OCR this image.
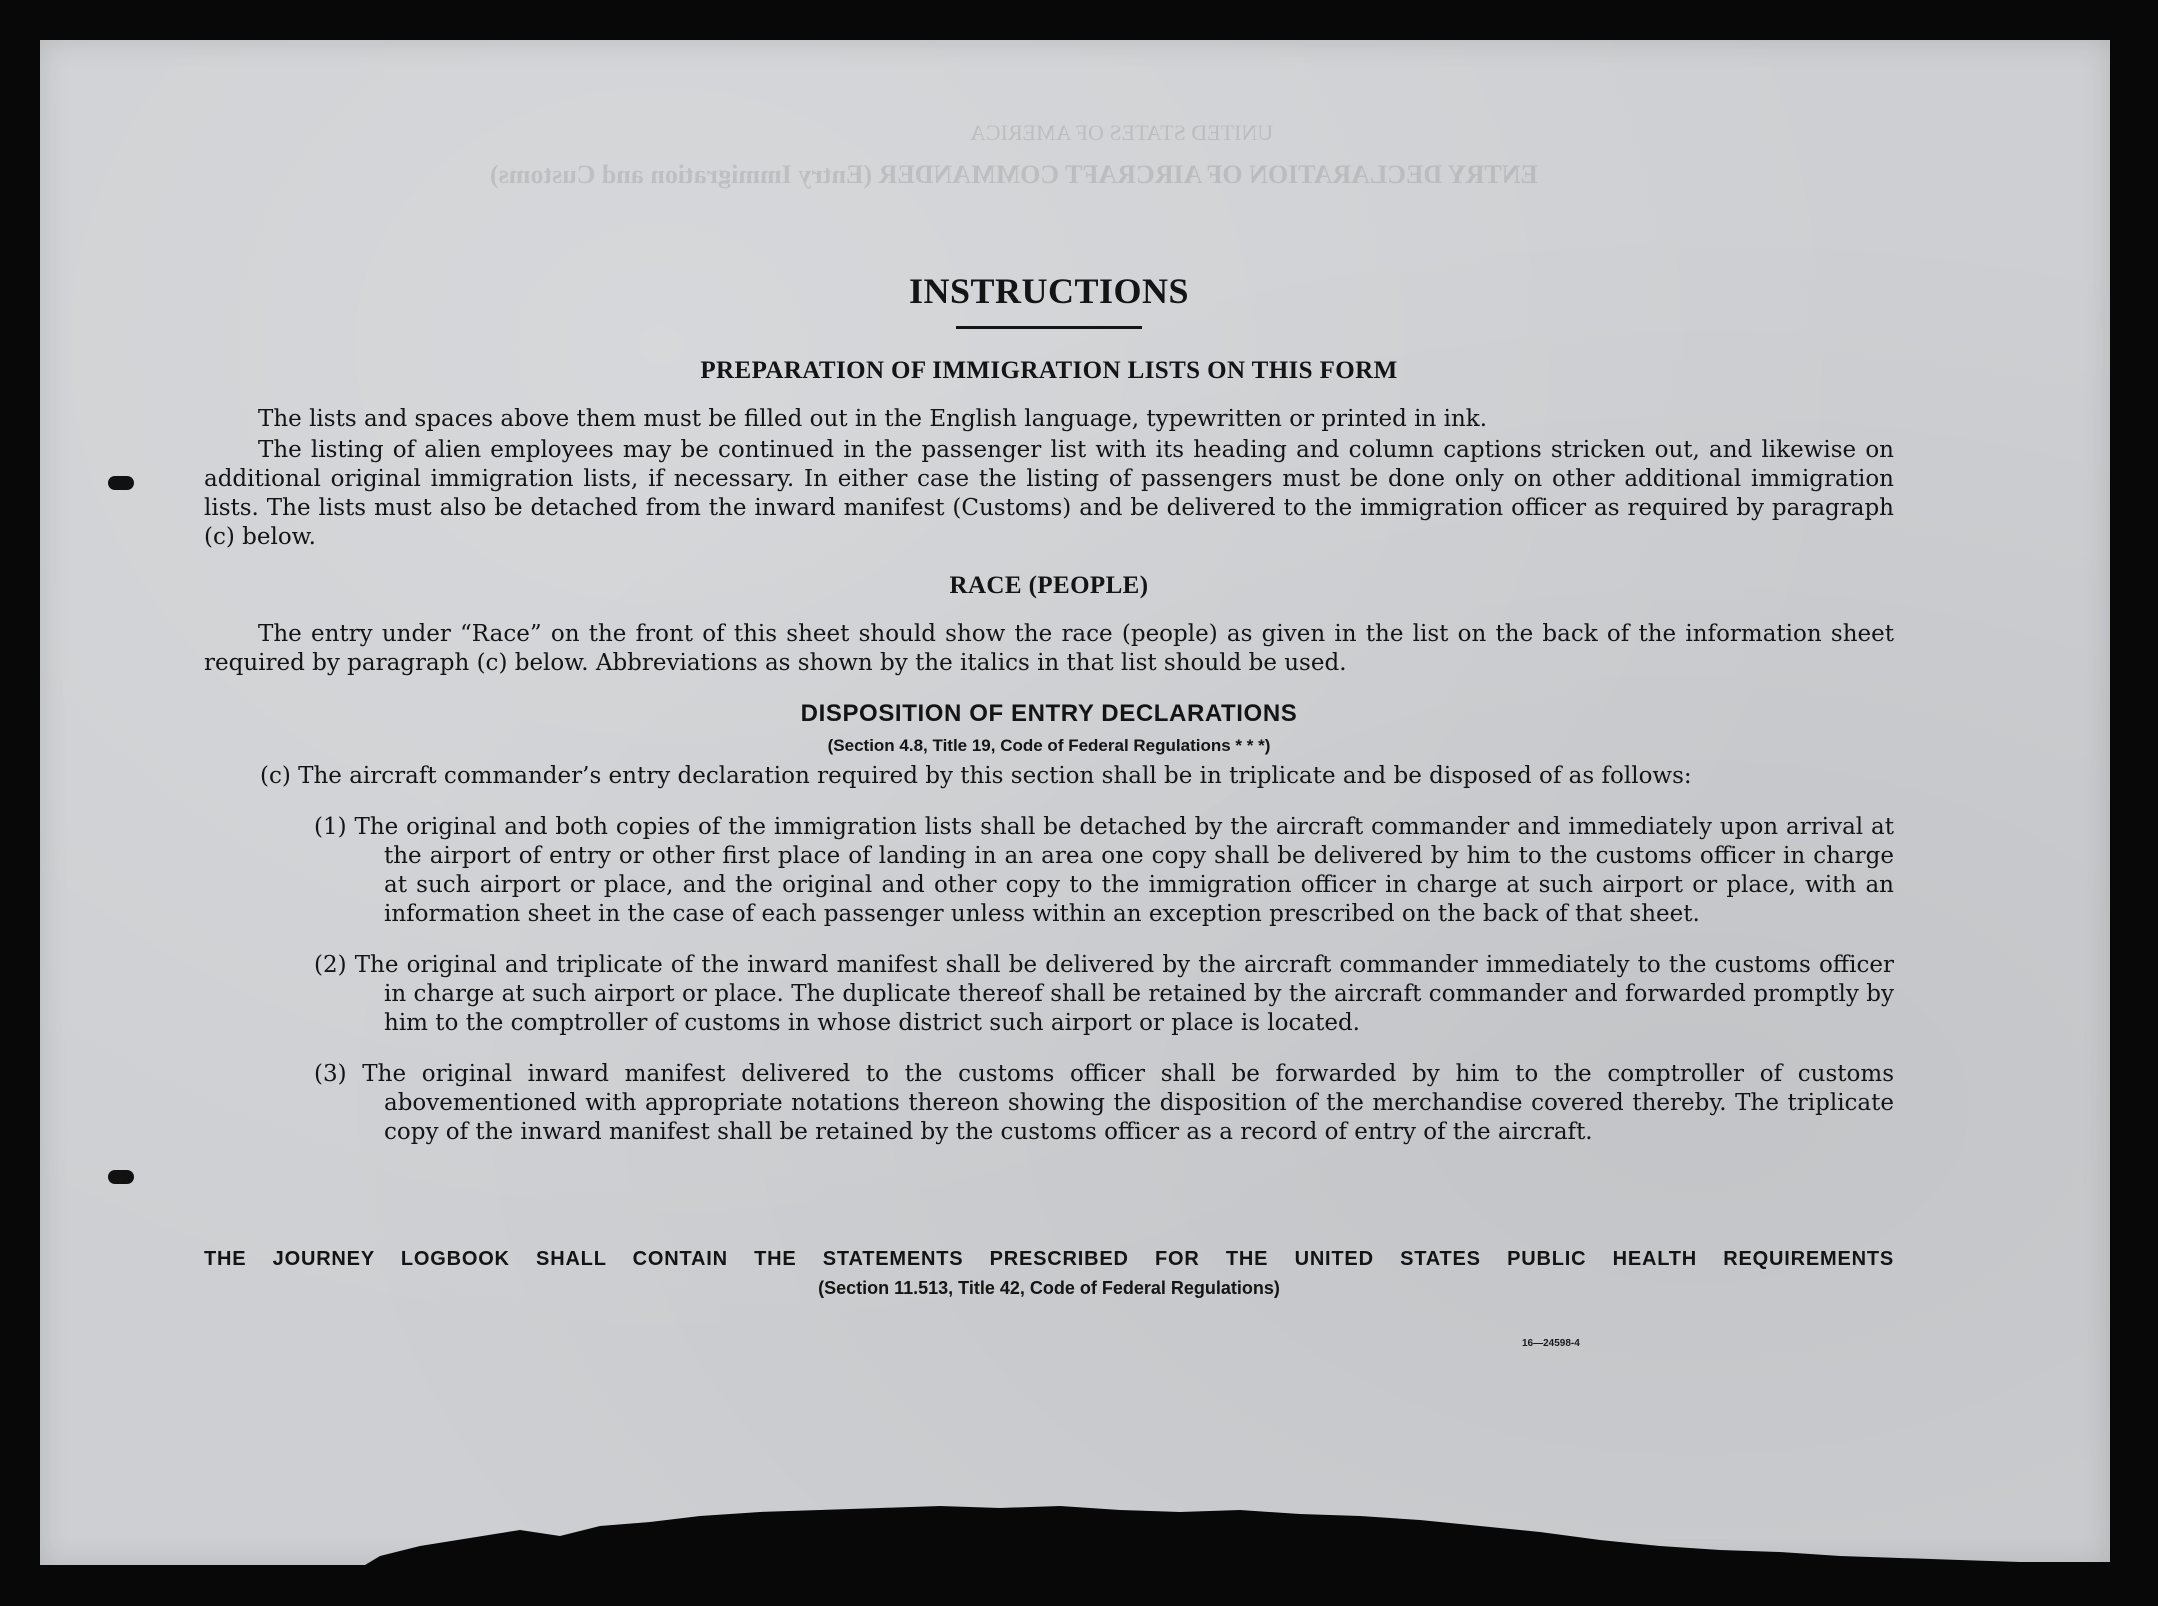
UNITED STATES OF AMERICA
ENTRY DECLARATION OF AIRCRAFT COMMANDER (Entry Immigration and Customs)
INSTRUCTIONS
PREPARATION OF IMMIGRATION LISTS ON THIS FORM

The lists and spaces above them must be filled out in the English language, typewritten or printed in ink.

The listing of alien employees may be continued in the passenger list with its heading and column captions stricken out, and likewise on additional original immigration lists, if necessary. In either case the listing of passengers must be done only on other additional immigration lists. The lists must also be detached from the inward manifest (Customs) and be delivered to the immigration officer as required by paragraph (c) below.

RACE (PEOPLE)

The entry under “Race” on the front of this sheet should show the race (people) as given in the list on the back of the information sheet required by paragraph (c) below. Abbreviations as shown by the italics in that list should be used.

DISPOSITION OF ENTRY DECLARATIONS
(Section 4.8, Title 19, Code of Federal Regulations * * *)
(c) The aircraft commander’s entry declaration required by this section shall be in triplicate and be disposed of as follows:
(1) The original and both copies of the immigration lists shall be detached by the aircraft commander and immediately upon arrival at the airport of entry or other first place of landing in an area one copy shall be delivered by him to the customs officer in charge at such airport or place, and the original and other copy to the immigration officer in charge at such airport or place, with an information sheet in the case of each passenger unless within an exception prescribed on the back of that sheet.
(2) The original and triplicate of the inward manifest shall be delivered by the aircraft commander immediately to the customs officer in charge at such airport or place. The duplicate thereof shall be retained by the aircraft commander and forwarded promptly by him to the comptroller of customs in whose district such airport or place is located.
(3) The original inward manifest delivered to the customs officer shall be forwarded by him to the comptroller of customs abovementioned with appropriate notations thereon showing the disposition of the merchandise covered thereby. The triplicate copy of the inward manifest shall be retained by the customs officer as a record of entry of the aircraft.
THE JOURNEY LOGBOOK SHALL CONTAIN THE STATEMENTS PRESCRIBED FOR THE UNITED STATES PUBLIC HEALTH REQUIREMENTS
(Section 11.513, Title 42, Code of Federal Regulations)
16—24598-4
